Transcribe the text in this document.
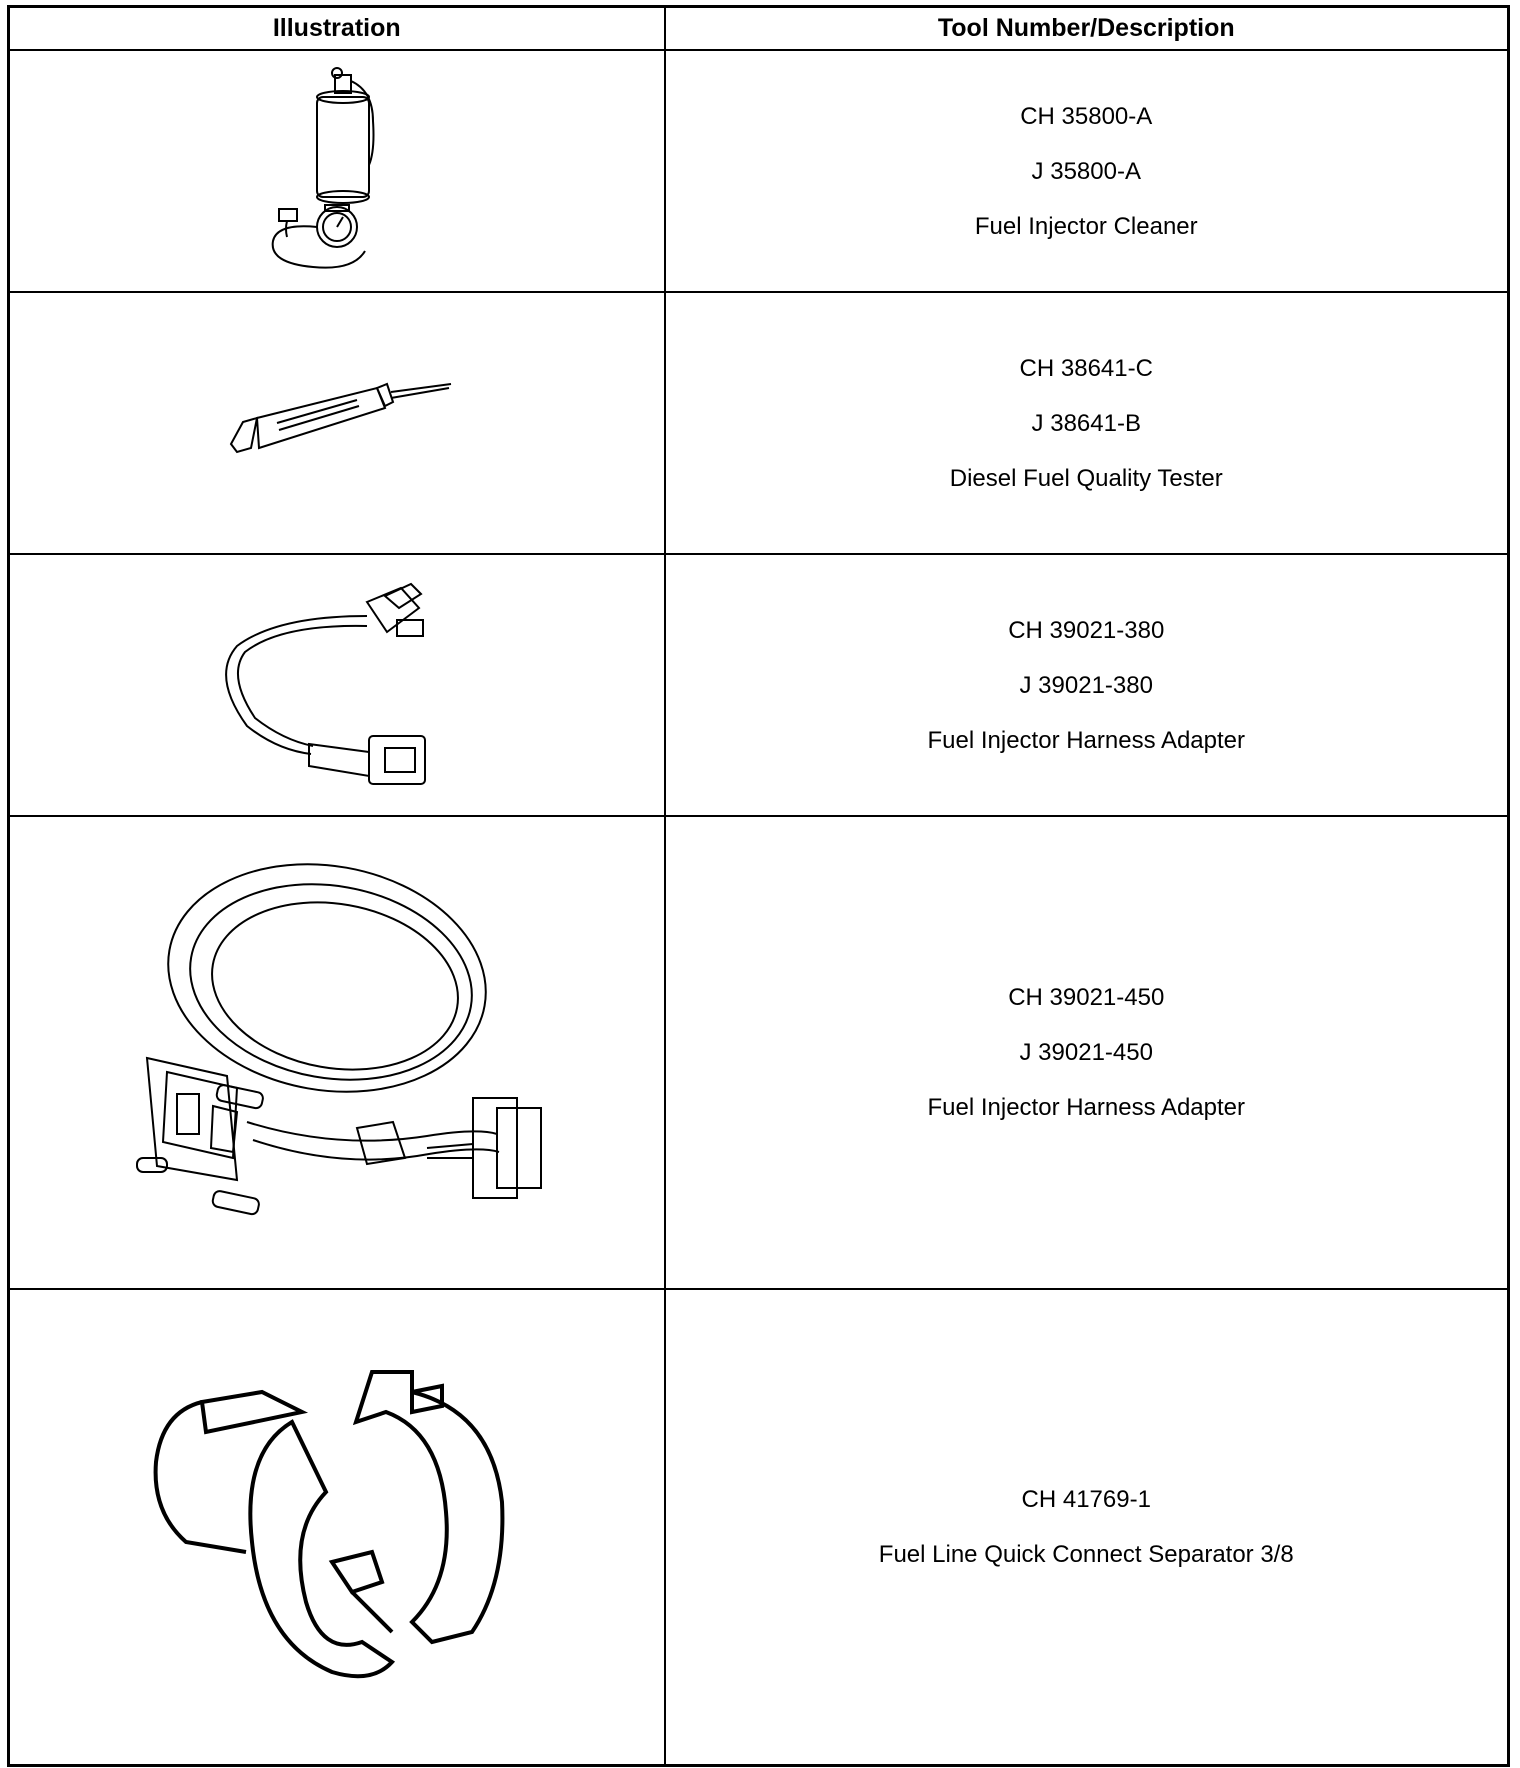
Illustration	Tool Number/Description

CH 35800-A
J 35800-A
Fuel Injector Cleaner

CH 38641-C
J 38641-B
Diesel Fuel Quality Tester

CH 39021-380
J 39021-380
Fuel Injector Harness Adapter

CH 39021-450
J 39021-450
Fuel Injector Harness Adapter

CH 41769-1
Fuel Line Quick Connect Separator 3/8
